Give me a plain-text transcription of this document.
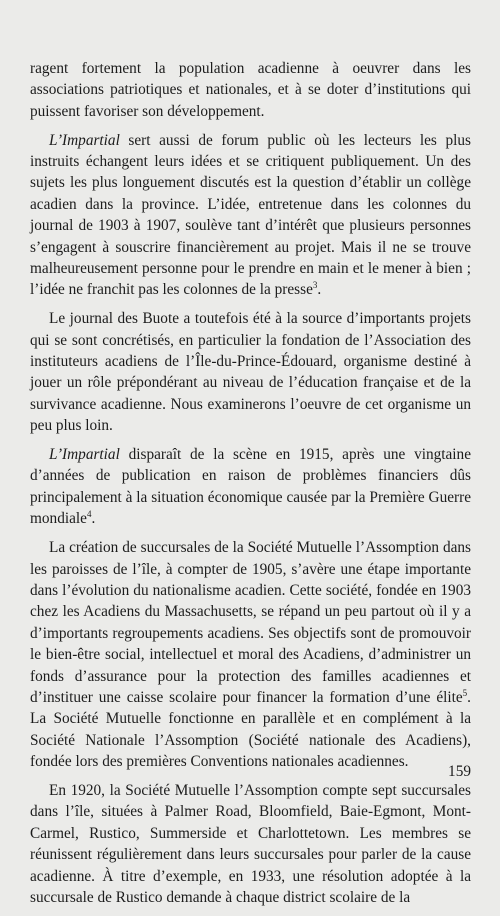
ragent fortement la population acadienne à oeuvrer dans les associations patriotiques et nationales, et à se doter d’institutions qui puissent favoriser son développement.

L’Impartial sert aussi de forum public où les lecteurs les plus instruits échangent leurs idées et se critiquent publiquement. Un des sujets les plus longuement discutés est la question d’établir un collège acadien dans la province. L’idée, entretenue dans les colonnes du journal de 1903 à 1907, soulève tant d’intérêt que plusieurs personnes s’engagent à souscrire financièrement au projet. Mais il ne se trouve malheureusement personne pour le prendre en main et le mener à bien ; l’idée ne franchit pas les colonnes de la presse$^3$.

Le journal des Buote a toutefois été à la source d’importants projets qui se sont concrétisés, en particulier la fondation de l’Association des instituteurs acadiens de l’Île-du-Prince-Édouard, organisme destiné à jouer un rôle prépondérant au niveau de l’éducation française et de la survivance acadienne. Nous examinerons l’oeuvre de cet organisme un peu plus loin.

L’Impartial disparaît de la scène en 1915, après une vingtaine d’années de publication en raison de problèmes financiers dûs principalement à la situation économique causée par la Première Guerre mondiale$^4$.

La création de succursales de la Société Mutuelle l’Assomption dans les paroisses de l’île, à compter de 1905, s’avère une étape importante dans l’évolution du nationalisme acadien. Cette société, fondée en 1903 chez les Acadiens du Massachusetts, se répand un peu partout où il y a d’importants regroupements acadiens. Ses objectifs sont de promouvoir le bien-être social, intellectuel et moral des Acadiens, d’administrer un fonds d’assurance pour la protection des familles acadiennes et d’instituer une caisse scolaire pour financer la formation d’une élite$^5$. La Société Mutuelle fonctionne en parallèle et en complément à la Société Nationale l’Assomption (Société nationale des Acadiens), fondée lors des premières Conventions nationales acadiennes.

En 1920, la Société Mutuelle l’Assomption compte sept succursales dans l’île, situées à Palmer Road, Bloomfield, Baie-Egmont, Mont-Carmel, Rustico, Summerside et Charlottetown. Les membres se réunissent régulièrement dans leurs succursales pour parler de la cause acadienne. À titre d’exemple, en 1933, une résolution adoptée à la succursale de Rustico demande à chaque district scolaire de la

159
